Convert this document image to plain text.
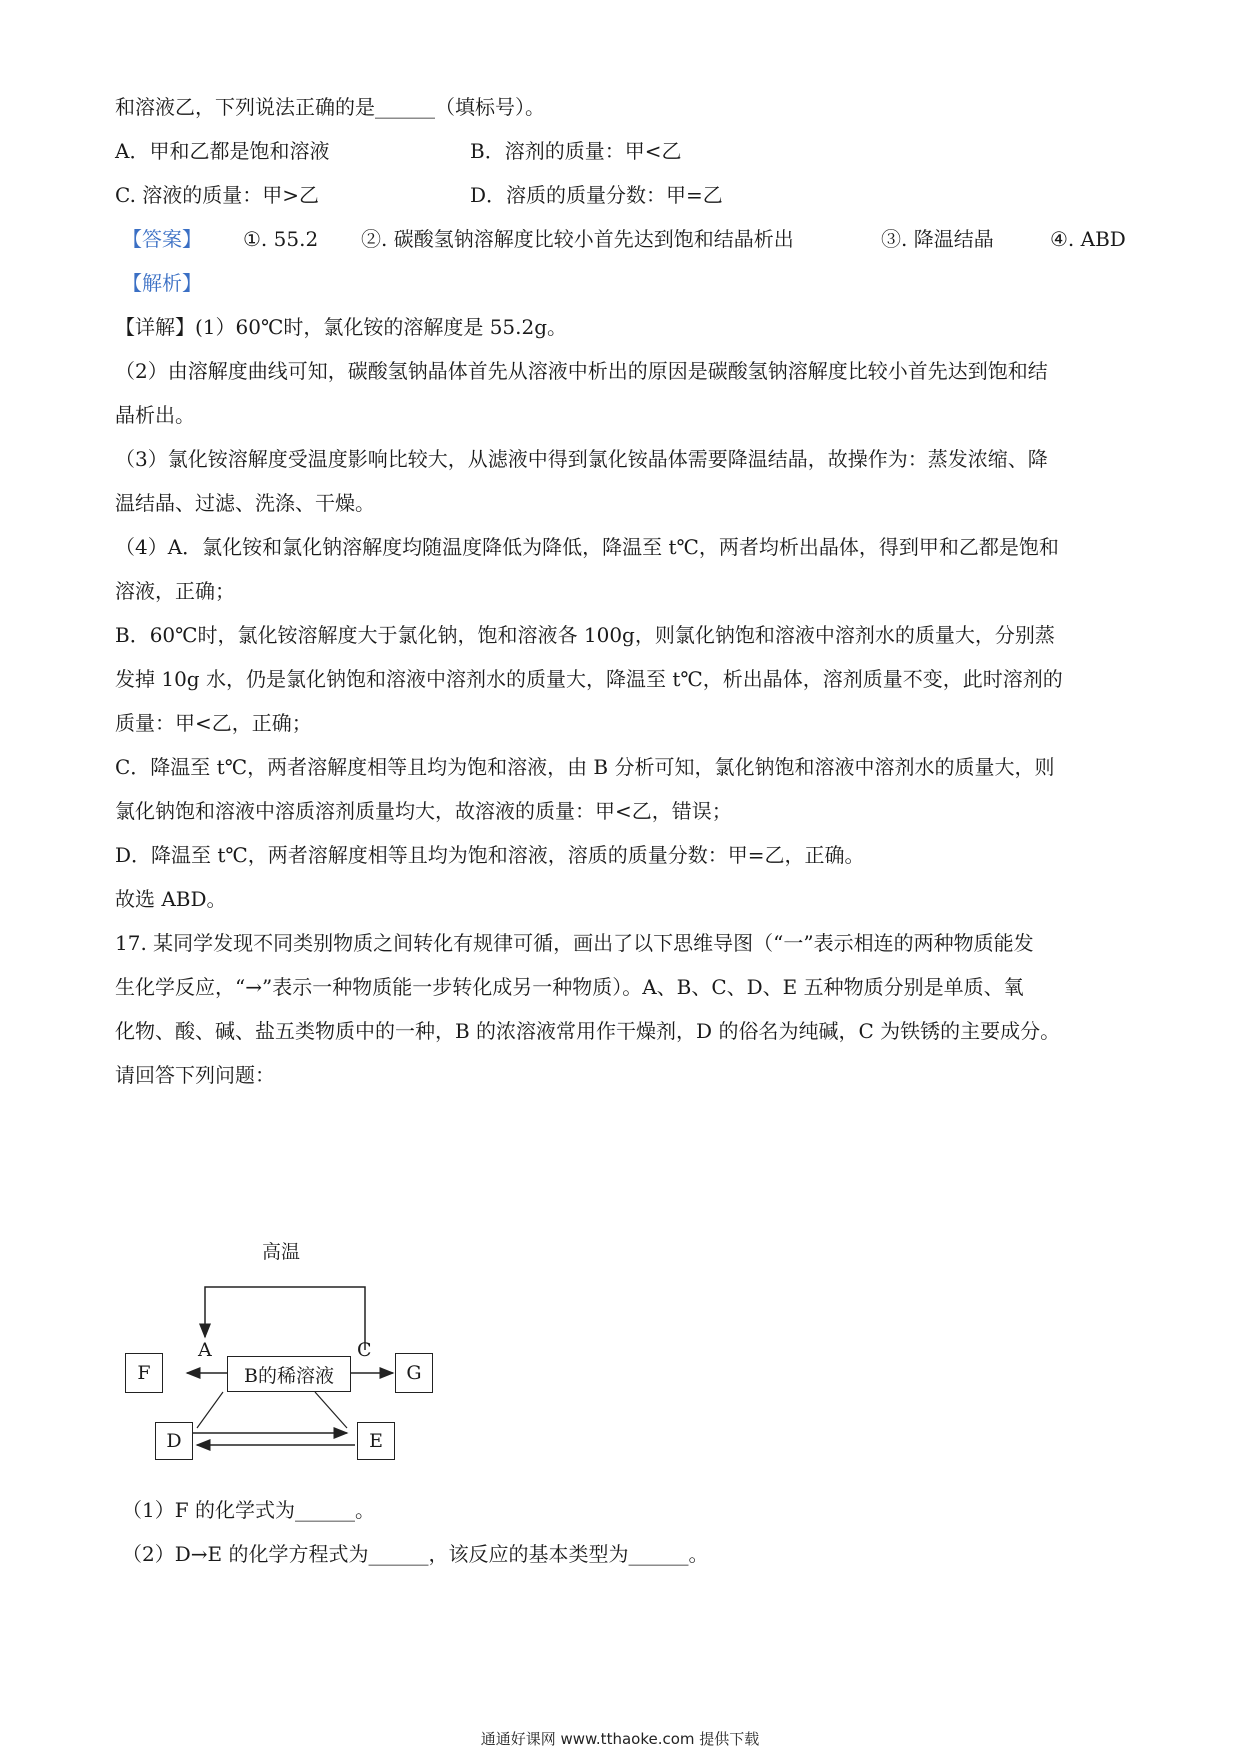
和溶液乙，下列说法正确的是______（填标号）。
A．甲和乙都是饱和溶液	B．溶剂的质量：甲<乙
C. 溶液的质量：甲>乙	D．溶质的质量分数：甲=乙
【答案】 ①. 55.2 ②. 碳酸氢钠溶解度比较小首先达到饱和结晶析出	③. 降温结晶	④. ABD
【解析】
【详解】(1）60℃时，氯化铵的溶解度是 55.2g。
（2）由溶解度曲线可知，碳酸氢钠晶体首先从溶液中析出的原因是碳酸氢钠溶解度比较小首先达到饱和结
晶析出。
（3）氯化铵溶解度受温度影响比较大，从滤液中得到氯化铵晶体需要降温结晶，故操作为：蒸发浓缩、降
温结晶、过滤、洗涤、干燥。
（4）A．氯化铵和氯化钠溶解度均随温度降低为降低，降温至 t℃，两者均析出晶体，得到甲和乙都是饱和
溶液，正确；
B．60℃时，氯化铵溶解度大于氯化钠，饱和溶液各 100g，则氯化钠饱和溶液中溶剂水的质量大，分别蒸
发掉 10g 水，仍是氯化钠饱和溶液中溶剂水的质量大，降温至 t℃，析出晶体，溶剂质量不变，此时溶剂的
质量：甲<乙，正确；
C．降温至 t℃，两者溶解度相等且均为饱和溶液，由 B 分析可知，氯化钠饱和溶液中溶剂水的质量大，则
氯化钠饱和溶液中溶质溶剂质量均大，故溶液的质量：甲<乙，错误；
D．降温至 t℃，两者溶解度相等且均为饱和溶液，溶质的质量分数：甲=乙，正确。
故选 ABD。
17. 某同学发现不同类别物质之间转化有规律可循，画出了以下思维导图（“一”表示相连的两种物质能发
生化学反应，“→”表示一种物质能一步转化成另一种物质）。A、B、C、D、E 五种物质分别是单质、氧
化物、酸、碱、盐五类物质中的一种，B 的浓溶液常用作干燥剂，D 的俗名为纯碱，C 为铁锈的主要成分。
请回答下列问题：
高温
A	C
F	B的稀溶液	G
D	E
（1）F 的化学式为______。
（2）D→E 的化学方程式为______，该反应的基本类型为______。
通通好课网 www.tthaoke.com 提供下载
